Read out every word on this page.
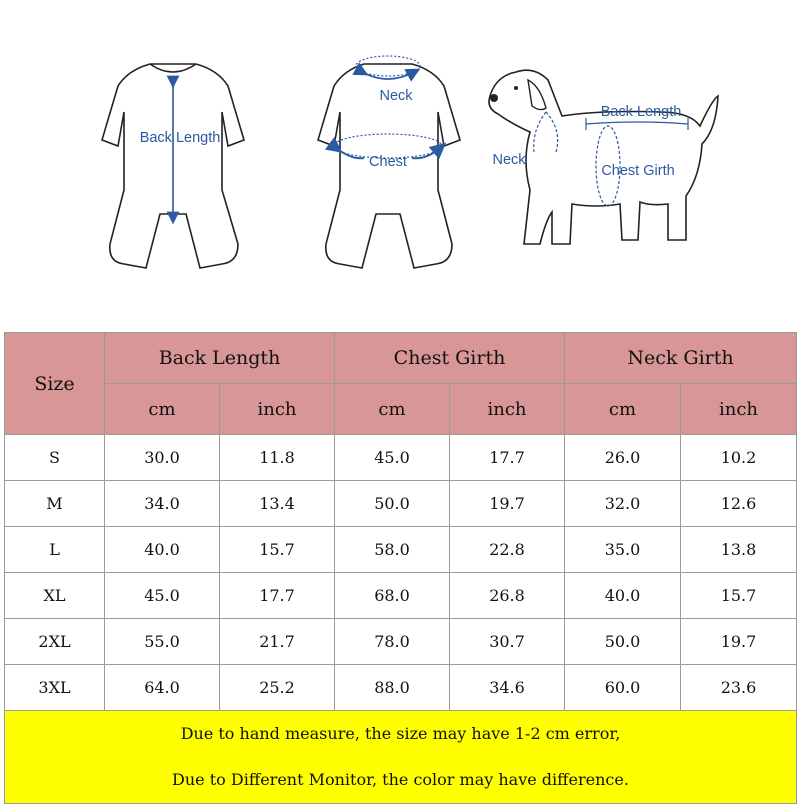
Back Length
Neck
Chest
Back Length
Neck
Chest Girth
Size	Back Length		Chest Girth		Neck Girth	
	cm	inch	cm	inch	cm	inch
S	30.0	11.8	45.0	17.7	26.0	10.2
M	34.0	13.4	50.0	19.7	32.0	12.6
L	40.0	15.7	58.0	22.8	35.0	13.8
XL	45.0	17.7	68.0	26.8	40.0	15.7
2XL	55.0	21.7	78.0	30.7	50.0	19.7
3XL	64.0	25.2	88.0	34.6	60.0	23.6

Due to hand measure, the size may have 1-2 cm error,
Due to Different Monitor, the color may have difference.						
